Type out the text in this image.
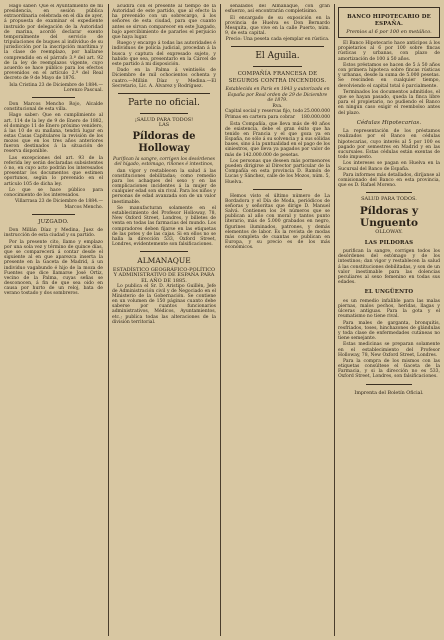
Hago saber: Que el Ayuntamiento de mi presidencia, en sesión pública extraordinaria celebrada en el día de ayer, á propuesta de examinar el expediente instruido por delegación de la Autoridad de marina, acordó declarar exento temporalmente del servicio de tripulaciones de buques al individuo de su jurisdicción por la inscripción marítima y la clase de reemplazo, por hallarse comprendido en el párrafo 3.º del art. 92 de la ley de reemplazos vigente, cuyo acuerdo se hace público para los efectos prevenidos en el artículo 2.º del Real decreto de 9 de Mayo de 1876.

Isla Cristina 23 de Diciembre de 1884.—Lorenzo Pascual.

Don Marcos Mencho Rojo, Alcalde constitucional de esta villa.

Hago saber: Que en cumplimiento al art. 114 de la ley de 9 de Enero de 1882, el domingo 11 de Enero próximo venidero, á las 10 de su mañana, tendrá lugar en estas Casas Capitulares la revisión de los mozos que en los tres años anteriores fueron destinados á la situación de reserva disponible.

Las excepciones del art. 93 de la referida ley serán declaradas subsistentes ó no, en cuyo acto podrán los interesados presentar los documentos que estimen oportunos, según lo prevenido en el artículo 105 de dicha ley.

Lo que se hace público para conocimiento de los interesados.

Villarrasa 23 de Diciembre de 1884.—Marcos Mencho.

JUZGADO.

Don Millán Díaz y Medina, Juez de instrucción de esta ciudad y su partido.

Por la presente cito, llamo y emplazo por una sola vez y término de quince días, que se comparecerá á contar desde el siguiente al en que aparezca inserta la presente en la Gaceta de Madrid, á un individuo vagabundo é hijo de la moza de Fuentes que dice llamarse José Ortiz, vecino de la Palma, cuyas señas se desconocen, á fin de que sea oido en causa por hurto de un reloj, bata de verano tostado y dos sombreros.

acudirá con el presente al tiempo de la Autoridad de este partido, que al efecto la ha prevenido con un sobrecargo, á los señores de esta ciudad, para que cuanto antes se sirvan comparecer en este Juzgado, bajo apercibimiento de pararles el perjuicio que haya lugar.

Ruego y encargo á todas las autoridades é individuos de policía judicial, procedan á la busca y captura del expresado sujeto, y habido que sea, presentarlo en la Cárcel de este partido á mi disposición.

Dado en la Palma á veintiséis de Diciembre de mil ochocientos ochenta y cuatro.—Millán Díaz y Medina.—El Secretario, Lic. A. Álvarez y Rodríguez.

Parte no oficial.
¡SALUD PARA TODOS!
LAS
Píldoras de Holloway

Purifican la sangre, corrigen los desórdenes del hígado, estómago, riñones é intestinos,

dan vigor y restablecen la salud á las constituciones debilitadas; como remedio para los achaques del sexo y en las complicaciones incidentes á la mujer de cualquier edad son sin rival. Para los niños y personas de edad avanzada son de un valor inestimable.

Se manufacturan solamente en el establecimiento del Profesor Holloway, 78, New Oxford Street, Londres, y billetes de venta en todas las farmacias del mundo. Los compradores deben fijarse en las etiquetas de las potes y de las cajas. Si en ellos no se halla la dirección 533, Oxford Street, Londres, evidentemente son falsificaciones.

ALMANAQUE
ESTADÍSTICO GEOGRÁFICO-POLÍTICO Y ADMINISTRATIVO DE ESPAÑA PARA EL AÑO DE 1885.

Lo publica el Sr. D. Aristipo Guillén, Jefe de Administración civil y de Negociado en el Ministerio de la Gobernación. Se contiene en un volumen de 150 páginas cuanto debe saberse por cuantos funcionarios administrativos, Médicos, Ayuntamientos, etc.; publica todas las alteraciones de la división territorial.

señalados del Almanaque, con gran esfuerzo, así encontrarán completísimo.

El encargado de su exposición en la provincia de Huelva es Don Bernardo Mesquita, que vive en la calle Puerto, núm. 9, de esta capital.

Precio: Una peseta cada ejemplar en rústica.

El Aguila.
COMPAÑÍA FRANCESA DE SEGUROS CONTRA INCENDIOS.

Establecida en París en 1843 y autorizada en España por Real orden de 29 de Diciembre de 1879.

Rva.
Capital social y reservas fijo, todo 25.000.000
Primas en cartera para cobrar 180.000.000

Esta Compañía, que lleva más de 40 años de existencia, debe el gran éxito que ha tenido en Francia y el que goza ya en España, no sólo á su solvencia y á sus sólidas bases, sino á la puntualidad en el pago de los siniestros, que lleva ya pagados por valor de más de 142.000.000 de pesetas.

Los personas que deseen más pormenores pueden dirigirse al Director particular de la Compañía en esta provincia D. Ramón de Lucas y Sánchez, calle de los Mozos, núm. 5, Huelva.

Hemos visto el último número de La Bordadora y el Día de Moda, periódicos de señoras y señoritas que dirige D. Manuel Salvá. Contienen los 24 números que se publican al año con moral y tantos punto literario, más de 5.000 grabados en negro, figurines iluminados, patrones, y demás elementos de labor. Es la revista de modas más completa de cuantas se publican en Europa, y su precio es de los más económicos.

BANCO HIPOTECARIO DE ESPAÑA.
Premios al 6 por 100 en metálico.

El Banco Hipotecario hace anticipos á los propietarios al 6 por 100 sobre fincas rústicas y urbanas, con plazo de amortización de 100 á 50 años.

Estos préstamos se hacen de 5 á 50 años con primera hipoteca sobre fincas rústicas y urbanas, desde la suma de 5.000 pesetas. Se rescinden en cualquier tiempo, devolviendo el capital total ó parcialmente.

Terminados los documentos admitidos, el que se hayan pasado, queda la finca libre para el propietario, no pudiendo el Banco en ningún caso exigir el reembolso antes del plazo.

Cédulas Hipotecarias.

La representación de los préstamos realizados por el Banco en cédulas hipotecarias, cuyo interés al 5 por 100 es pagado por semestres en Madrid y en las sucursales. Estas cédulas están exentas de todo impuesto.

Los intereses se pagan en Huelva en la Sucursal del Banco de España.

Para informes más detallados, diríjanse al comisionado del Banco en esta provincia, que es D. Rafael Moreno.

SALUD PARA TODOS.
Píldoras y Unguento
OLLOWAY.
LAS PILDORAS

purifican la sangre, corrigen todos los desórdenes del estómago y de los intestinos; dan vigor y restablecen la salud á las constituciones debilitadas, y son de un valor inestimable para las dolencias peculiares al sexo femenino en todas sus edades.

EL UNGÜENTO

es un remedio infalible para las malas piernas, malos pechos, heridas, llagas y úlceras antiguas. Para la gota y el reumatismo no tiene rival.

Para males de garganta, bronquitis, resfriados, toses, hinchazones de glándulas y toda clase de enfermedades cutáneas no tiene semejante.

Estas medicinas se preparan solamente en el establecimiento del Profesor Holloway, 78, New Oxford Street, Londres.

Para la compra de los mismos con las etiquetas consúltese el Gaceta de la Farmacia, y si la dirección no es 533, Oxford Street, Londres, son falsificaciones.

Imprenta del Boletín Oficial.
